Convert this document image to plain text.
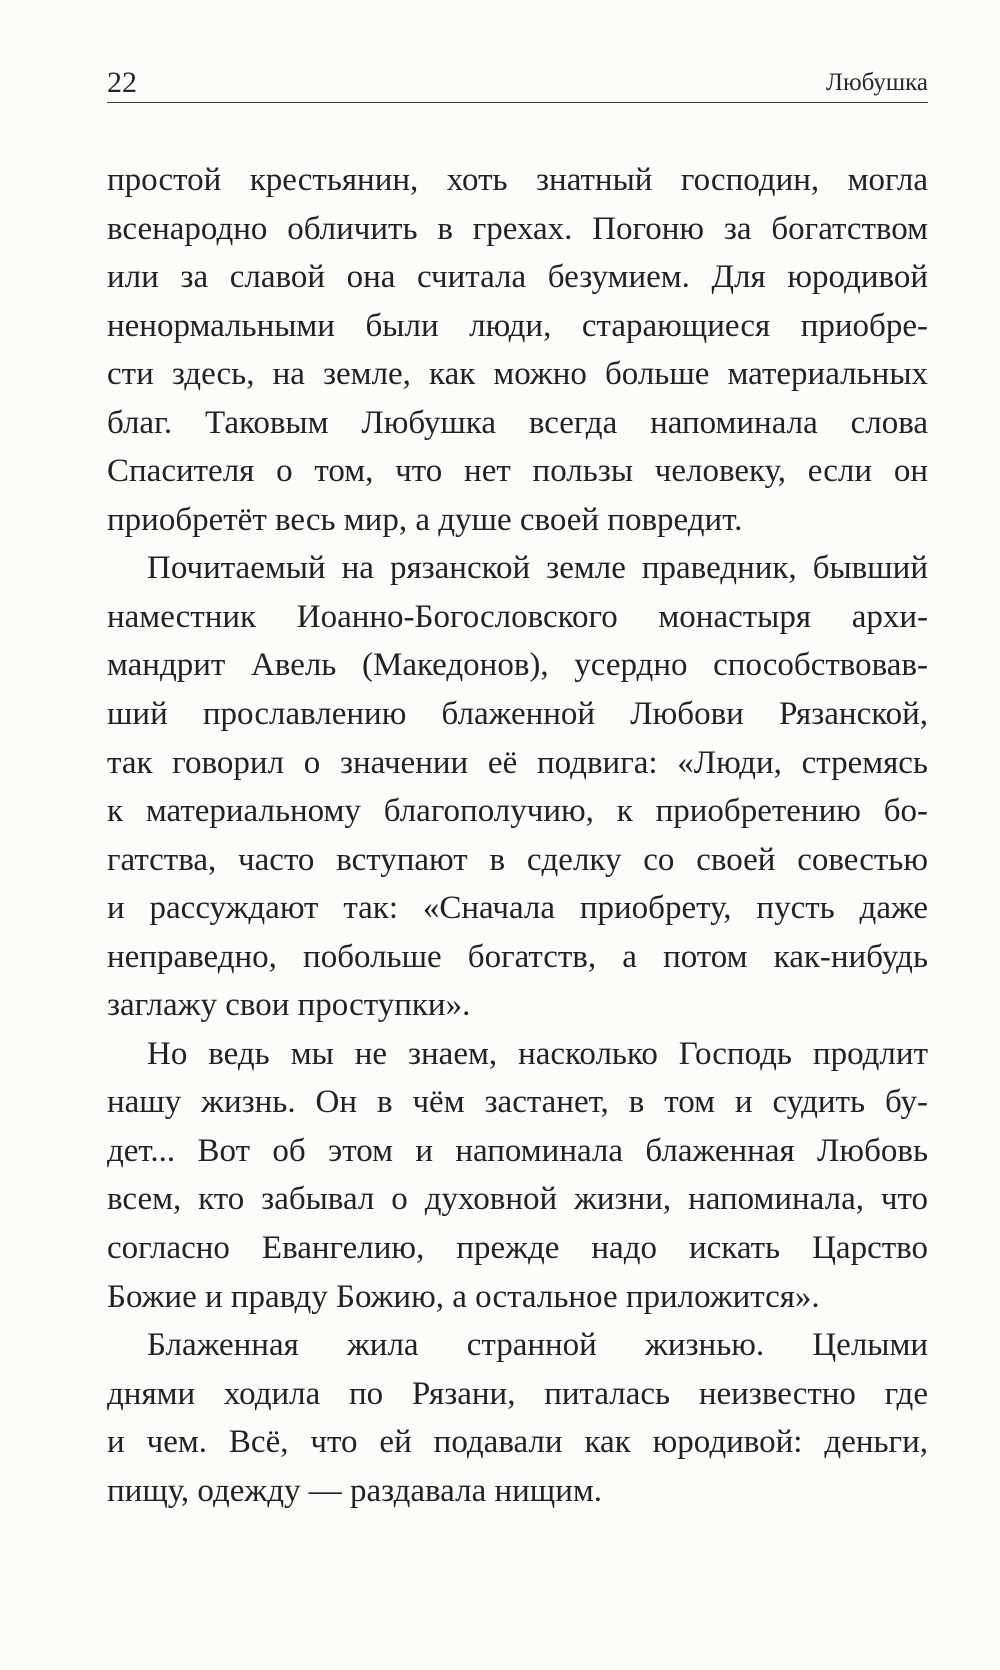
22	Любушка

простой крестьянин, хоть знатный господин, могла
всенародно обличить в грехах. Погоню за богатством
или за славой она считала безумием. Для юродивой
ненормальными были люди, старающиеся приобре-
сти здесь, на земле, как можно больше материальных
благ. Таковым Любушка всегда напоминала слова
Спасителя о том, что нет пользы человеку, если он
приобретёт весь мир, а душе своей повредит.

Почитаемый на рязанской земле праведник, бывший
наместник Иоанно-Богословского монастыря архи-
мандрит Авель (Македонов), усердно способствовав-
ший прославлению блаженной Любови Рязанской,
так говорил о значении её подвига: «Люди, стремясь
к материальному благополучию, к приобретению бо-
гатства, часто вступают в сделку со своей совестью
и рассуждают так: «Сначала приобрету, пусть даже
неправедно, побольше богатств, а потом как-нибудь
заглажу свои проступки».

Но ведь мы не знаем, насколько Господь продлит
нашу жизнь. Он в чём застанет, в том и судить бу-
дет... Вот об этом и напоминала блаженная Любовь
всем, кто забывал о духовной жизни, напоминала, что
согласно Евангелию, прежде надо искать Царство
Божие и правду Божию, а остальное приложится».

Блаженная жила странной жизнью. Целыми
днями ходила по Рязани, питалась неизвестно где
и чем. Всё, что ей подавали как юродивой: деньги,
пищу, одежду — раздавала нищим.
